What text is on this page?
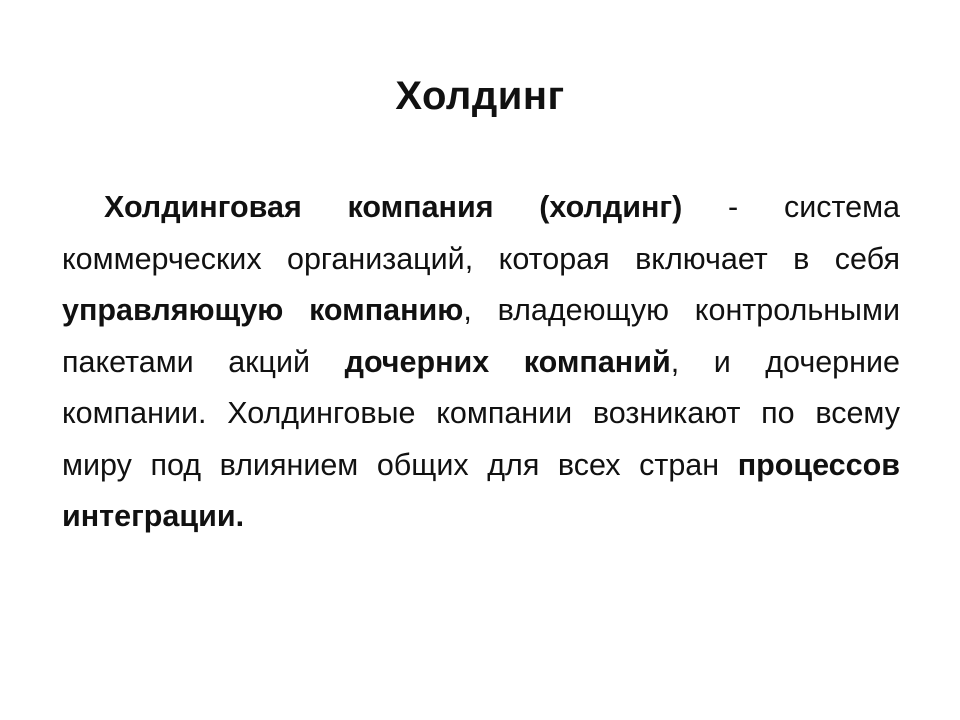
Холдинг

Холдинговая компания (холдинг) - система коммерческих организаций, которая включает в себя управляющую компанию, владеющую контрольными пакетами акций дочерних компаний, и дочерние компании. Холдинговые компании возникают по всему миру под влиянием общих для всех стран процессов интеграции.
